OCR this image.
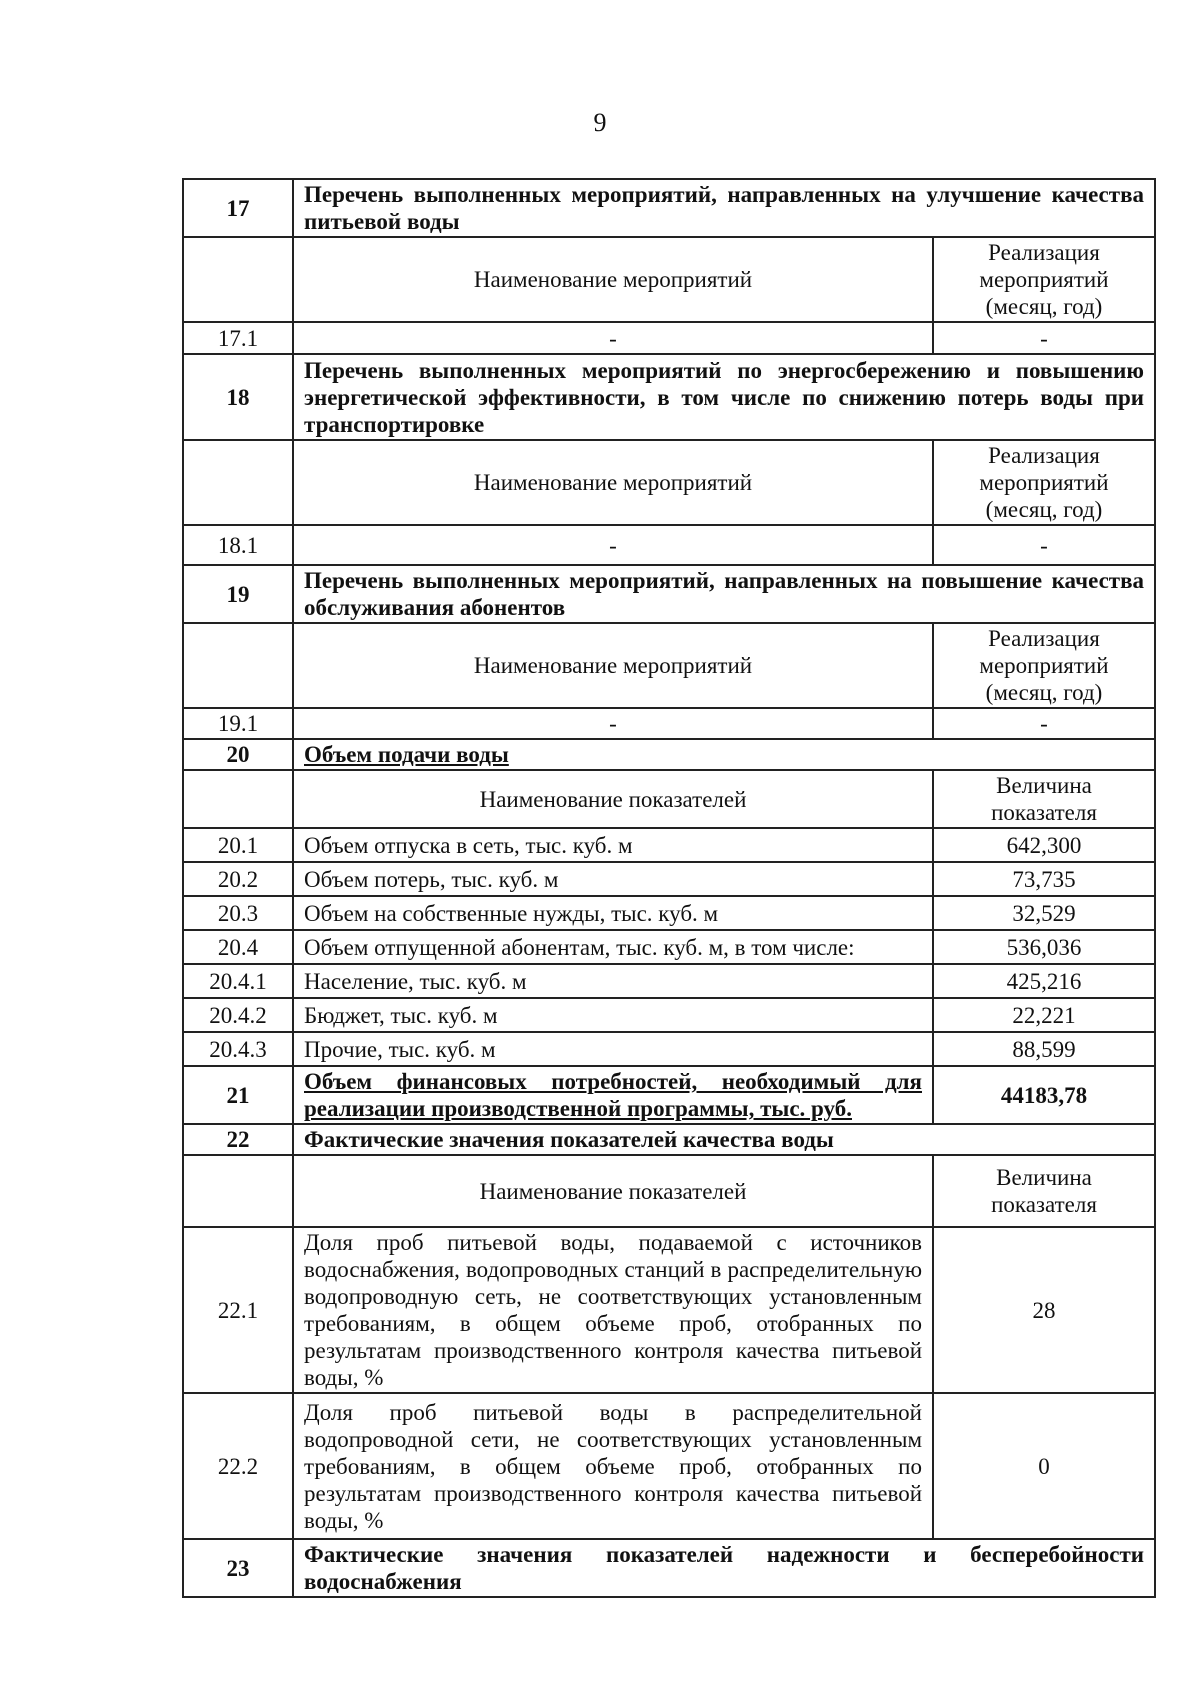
9
17	Перечень выполненных мероприятий, направленных на улучшение качества питьевой воды	
	Наименование мероприятий	Реализация мероприятий (месяц, год)
17.1	-	-
18	Перечень выполненных мероприятий по энергосбережению и повышению энергетической эффективности, в том числе по снижению потерь воды при транспортировке	
	Наименование мероприятий	Реализация мероприятий (месяц, год)
18.1	-	-
19	Перечень выполненных мероприятий, направленных на повышение качества обслуживания абонентов	
	Наименование мероприятий	Реализация мероприятий (месяц, год)
19.1	-	-
20	Объем подачи воды	
	Наименование показателей	Величина показателя
20.1	Объем отпуска в сеть, тыс. куб. м	642,300
20.2	Объем потерь, тыс. куб. м	73,735
20.3	Объем на собственные нужды, тыс. куб. м	32,529
20.4	Объем отпущенной абонентам, тыс. куб. м, в том числе:	536,036
20.4.1	Население, тыс. куб. м	425,216
20.4.2	Бюджет, тыс. куб. м	22,221
20.4.3	Прочие, тыс. куб. м	88,599
21	Объем финансовых потребностей, необходимый для реализации производственной программы, тыс. руб.	44183,78
22	Фактические значения показателей качества воды	
	Наименование показателей	Величина показателя
22.1	Доля проб питьевой воды, подаваемой с источников водоснабжения, водопроводных станций в распределительную водопроводную сеть, не соответствующих установленным требованиям, в общем объеме проб, отобранных по результатам производственного контроля качества питьевой воды, %	28
22.2	Доля проб питьевой воды в распределительной водопроводной сети, не соответствующих установленным требованиям, в общем объеме проб, отобранных по результатам производственного контроля качества питьевой воды, %	0
23	Фактические значения показателей надежности и бесперебойности водоснабжения	
